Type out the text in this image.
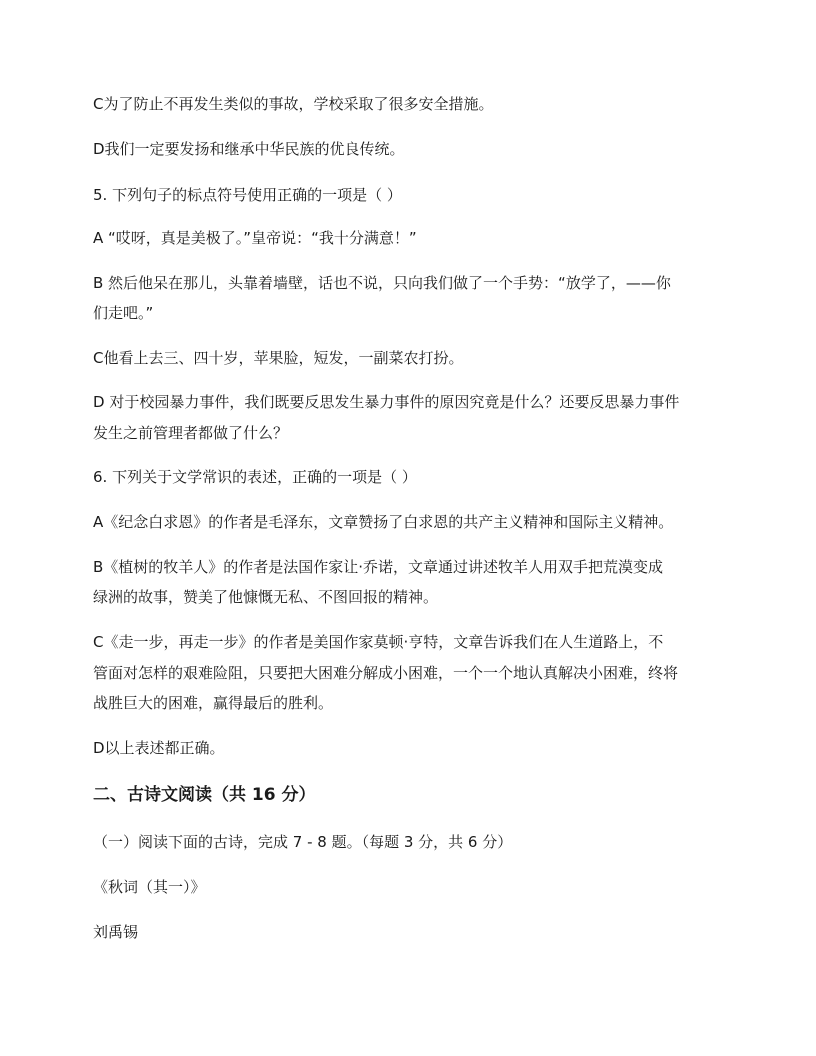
C为了防止不再发生类似的事故，学校采取了很多安全措施。
D我们一定要发扬和继承中华民族的优良传统。
5. 下列句子的标点符号使用正确的一项是（ ）
A “哎呀，真是美极了。”皇帝说：“我十分满意！”
B 然后他呆在那儿，头靠着墙壁，话也不说，只向我们做了一个手势：“放学了，——你
们走吧。”
C他看上去三、四十岁，苹果脸，短发，一副菜农打扮。
D 对于校园暴力事件，我们既要反思发生暴力事件的原因究竟是什么？还要反思暴力事件
发生之前管理者都做了什么？
6. 下列关于文学常识的表述，正确的一项是（ ）
A《纪念白求恩》的作者是毛泽东，文章赞扬了白求恩的共产主义精神和国际主义精神。
B《植树的牧羊人》的作者是法国作家让·乔诺，文章通过讲述牧羊人用双手把荒漠变成
绿洲的故事，赞美了他慷慨无私、不图回报的精神。
C《走一步，再走一步》的作者是美国作家莫顿·亨特，文章告诉我们在人生道路上，不
管面对怎样的艰难险阻，只要把大困难分解成小困难，一个一个地认真解决小困难，终将
战胜巨大的困难，赢得最后的胜利。
D以上表述都正确。
二、古诗文阅读（共 16 分）
（一）阅读下面的古诗，完成 7 - 8 题。（每题 3 分，共 6 分）
《秋词（其一）》
刘禹锡
